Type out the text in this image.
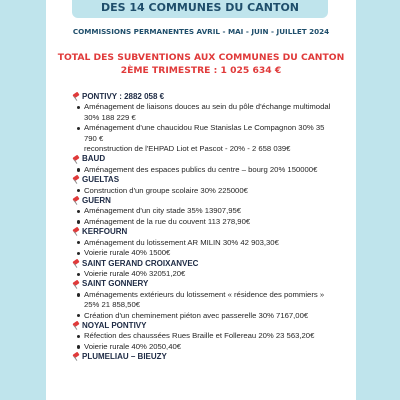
DES 14 COMMUNES DU CANTON
COMMISSIONS PERMANENTES AVRIL - MAI - JUIN - JUILLET 2024
TOTAL DES SUBVENTIONS AUX COMMUNES DU CANTON
2ÈME TRIMESTRE : 1 025 634 €
PONTIVY : 2882 058 €
Aménagement de liaisons douces au sein du pôle d'échange multimodal 30% 188 229 €
Aménagement d'une chaucidou Rue Stanislas Le Compagnon 30% 35 790 €
reconstruction de l'EHPAD Liot et Pascot - 20% - 2 658 039€
BAUD
Aménagement des espaces publics du centre – bourg 20% 150000€
GUELTAS
Construction d'un groupe scolaire 30% 225000€
GUERN
Aménagement d'un city stade 35% 13907,95€
Aménagement de la rue du couvent 113 278,90€
KERFOURN
Aménagement du lotissement AR MILIN 30% 42 903,30€
Voierie rurale 40% 1500€
SAINT GERAND CROIXANVEC
Voierie rurale 40% 32051,20€
SAINT GONNERY
Aménagements extérieurs du lotissement « résidence des pommiers » 25% 21 858,50€
Création d'un cheminement piéton avec passerelle 30% 7167,00€
NOYAL PONTIVY
Réfection des chaussées Rues Braille et Follereau 20% 23 563,20€
Voierie rurale 40% 2050,40€
PLUMELIAU – BIEUZY
